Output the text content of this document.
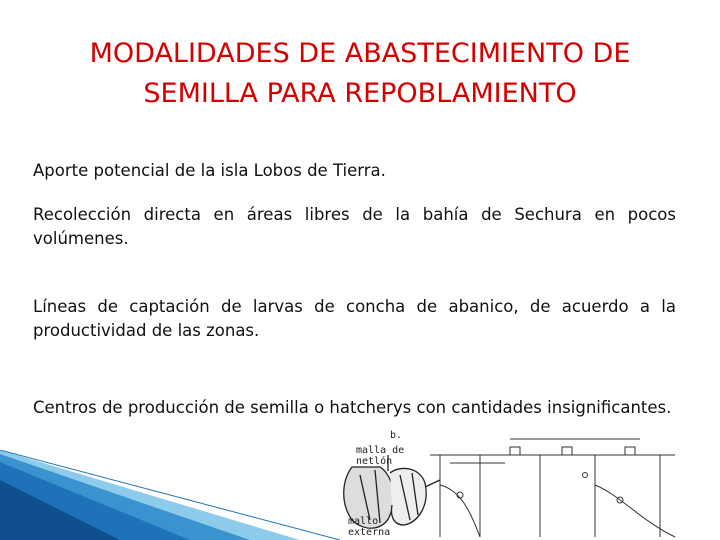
MODALIDADES DE ABASTECIMIENTO DE
SEMILLA PARA REPOBLAMIENTO
Aporte potencial de la isla Lobos de Tierra.
Recolección directa en áreas libres de la bahía de Sechura en pocos volúmenes.
Líneas de captación de larvas de concha de abanico, de acuerdo a la productividad de las zonas.
Centros de producción de semilla o hatcherys con cantidades insignificantes.
b.
malla de
netlón
mallo
externa
